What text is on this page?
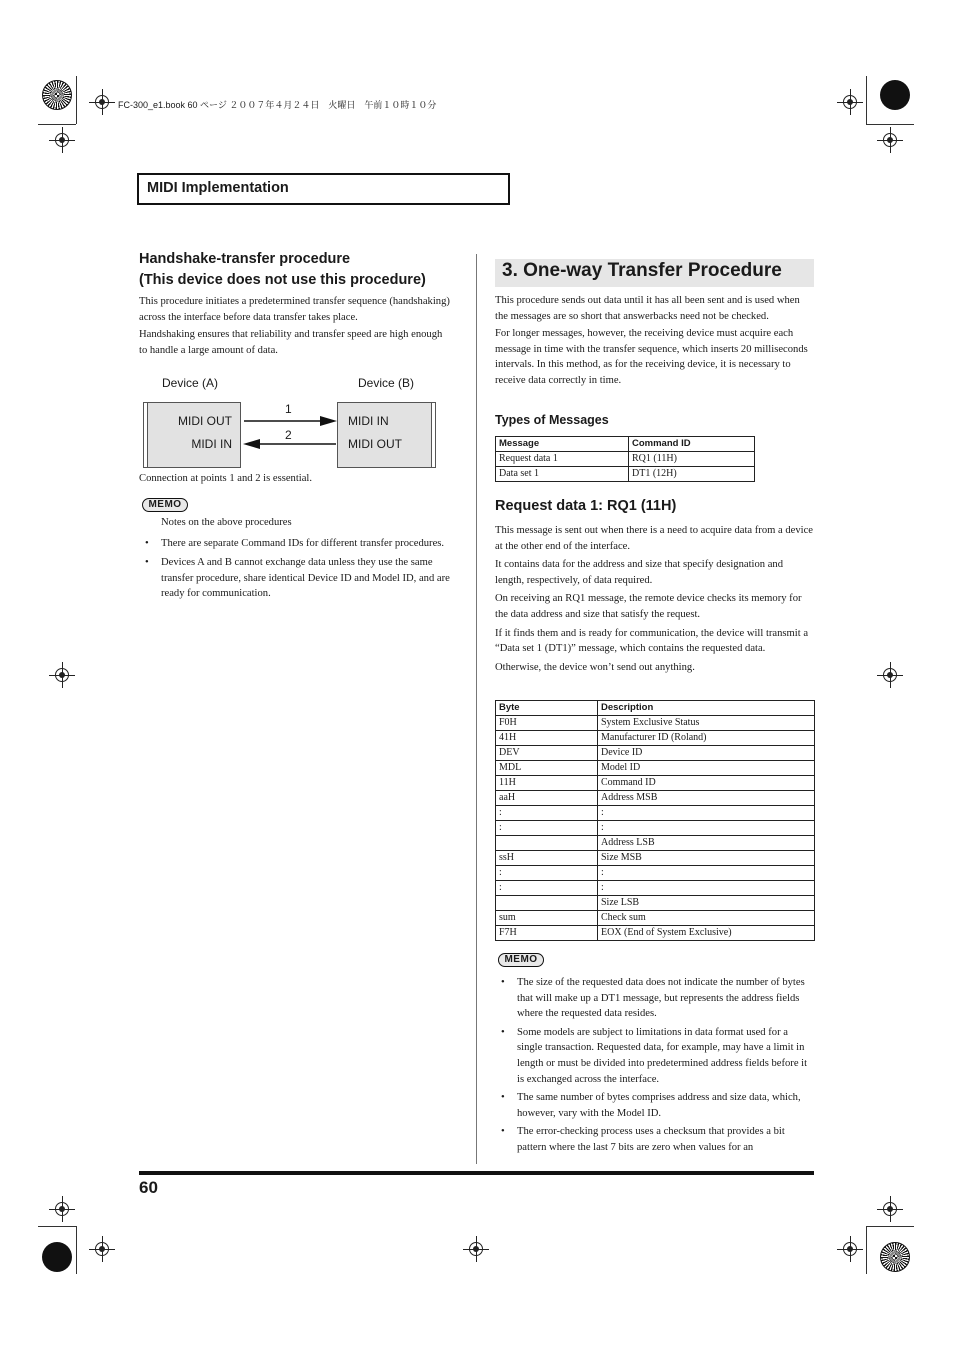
FC-300_e1.book 60 ページ ２００７年４月２４日　火曜日　午前１０時１０分
MIDI Implementation
Handshake-transfer procedure
(This device does not use this procedure)

This procedure initiates a predetermined transfer sequence (handshaking) across the interface before data transfer takes place.

Handshaking ensures that reliability and transfer speed are high enough to handle a large amount of data.

Device (A)	Device (B)
MIDI OUT
MIDI IN
MIDI IN
MIDI OUT
1
2
Connection at points 1 and 2 is essential.
MEMO

Notes on the above procedures

• There are separate Command IDs for different transfer procedures.
• Devices A and B cannot exchange data unless they use the same transfer procedure, share identical Device ID and Model ID, and are ready for communication.
3. One-way Transfer Procedure

This procedure sends out data until it has all been sent and is used when the messages are so short that answerbacks need not be checked.

For longer messages, however, the receiving device must acquire each message in time with the transfer sequence, which inserts 20 milliseconds intervals. In this method, as for the receiving device, it is necessary to receive data correctly in time.

Types of Messages
Message	Command ID
Request data 1	RQ1 (11H)
Data set 1	DT1 (12H)
Request data 1: RQ1 (11H)

This message is sent out when there is a need to acquire data from a device at the other end of the interface.

It contains data for the address and size that specify designation and length, respectively, of data required.

On receiving an RQ1 message, the remote device checks its memory for the data address and size that satisfy the request.

If it finds them and is ready for communication, the device will transmit a “Data set 1 (DT1)” message, which contains the requested data.

Otherwise, the device won’t send out anything.

Byte	Description
F0H	System Exclusive Status
41H	Manufacturer ID (Roland)
DEV	Device ID
MDL	Model ID
11H	Command ID
aaH	Address MSB
:	:
:	:
	Address LSB
ssH	Size MSB
:	:
:	:
	Size LSB
sum	Check sum
F7H	EOX (End of System Exclusive)
MEMO
• The size of the requested data does not indicate the number of bytes that will make up a DT1 message, but represents the address fields where the requested data resides.
• Some models are subject to limitations in data format used for a single transaction. Requested data, for example, may have a limit in length or must be divided into predetermined address fields before it is exchanged across the interface.
• The same number of bytes comprises address and size data, which, however, vary with the Model ID.
• The error-checking process uses a checksum that provides a bit pattern where the last 7 bits are zero when values for an
60
